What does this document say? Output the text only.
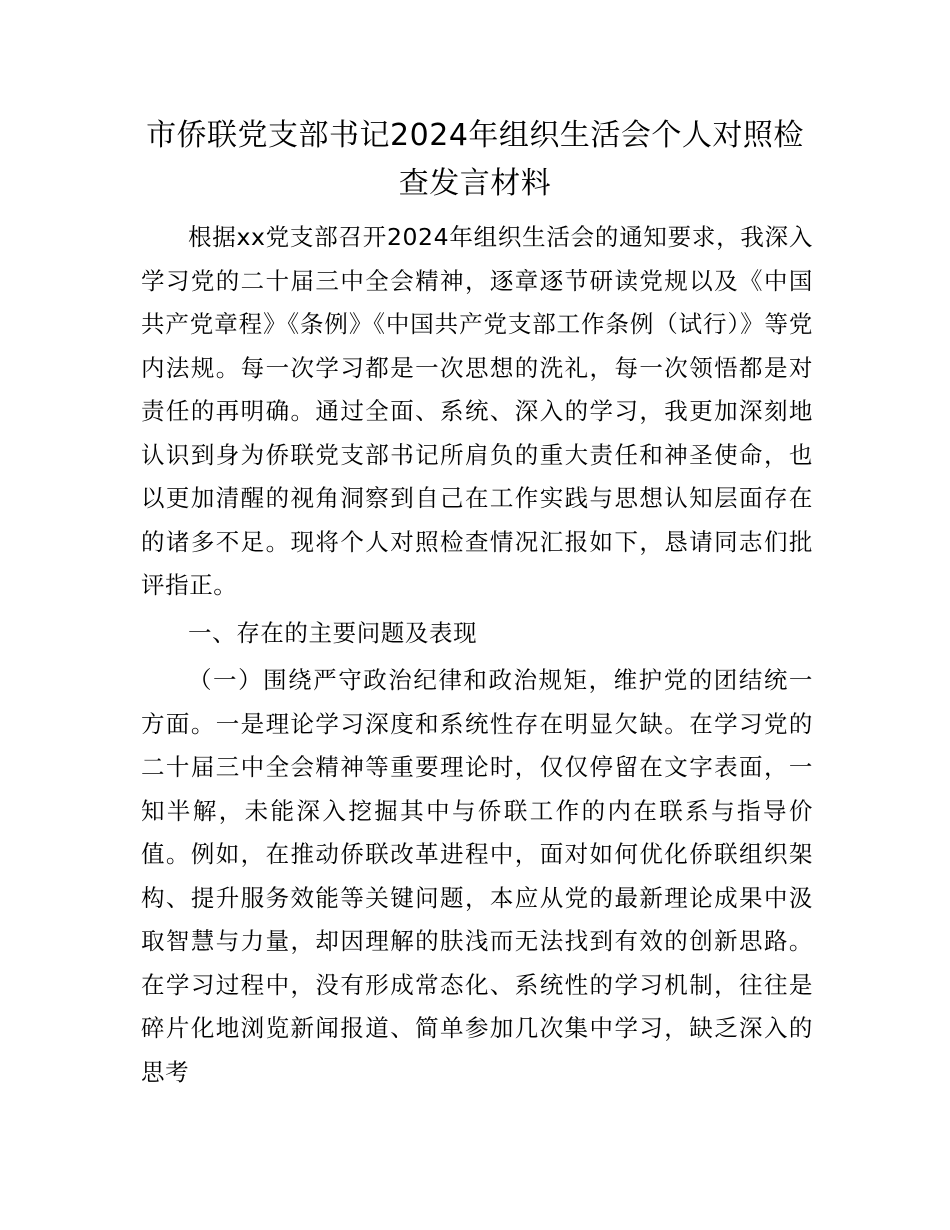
市侨联党支部书记2024年组织生活会个人对照检查发言材料

根据xx党支部召开2024年组织生活会的通知要求，我深入学习党的二十届三中全会精神，逐章逐节研读党规以及《中国共产党章程》《条例》《中国共产党支部工作条例（试行）》等党内法规。每一次学习都是一次思想的洗礼，每一次领悟都是对责任的再明确。通过全面、系统、深入的学习，我更加深刻地认识到身为侨联党支部书记所肩负的重大责任和神圣使命，也以更加清醒的视角洞察到自己在工作实践与思想认知层面存在的诸多不足。现将个人对照检查情况汇报如下，恳请同志们批评指正。

一、存在的主要问题及表现

（一）围绕严守政治纪律和政治规矩，维护党的团结统一方面。一是理论学习深度和系统性存在明显欠缺。在学习党的二十届三中全会精神等重要理论时，仅仅停留在文字表面，一知半解，未能深入挖掘其中与侨联工作的内在联系与指导价值。例如，在推动侨联改革进程中，面对如何优化侨联组织架构、提升服务效能等关键问题，本应从党的最新理论成果中汲取智慧与力量，却因理解的肤浅而无法找到有效的创新思路。在学习过程中，没有形成常态化、系统性的学习机制，往往是碎片化地浏览新闻报道、简单参加几次集中学习，缺乏深入的思考
